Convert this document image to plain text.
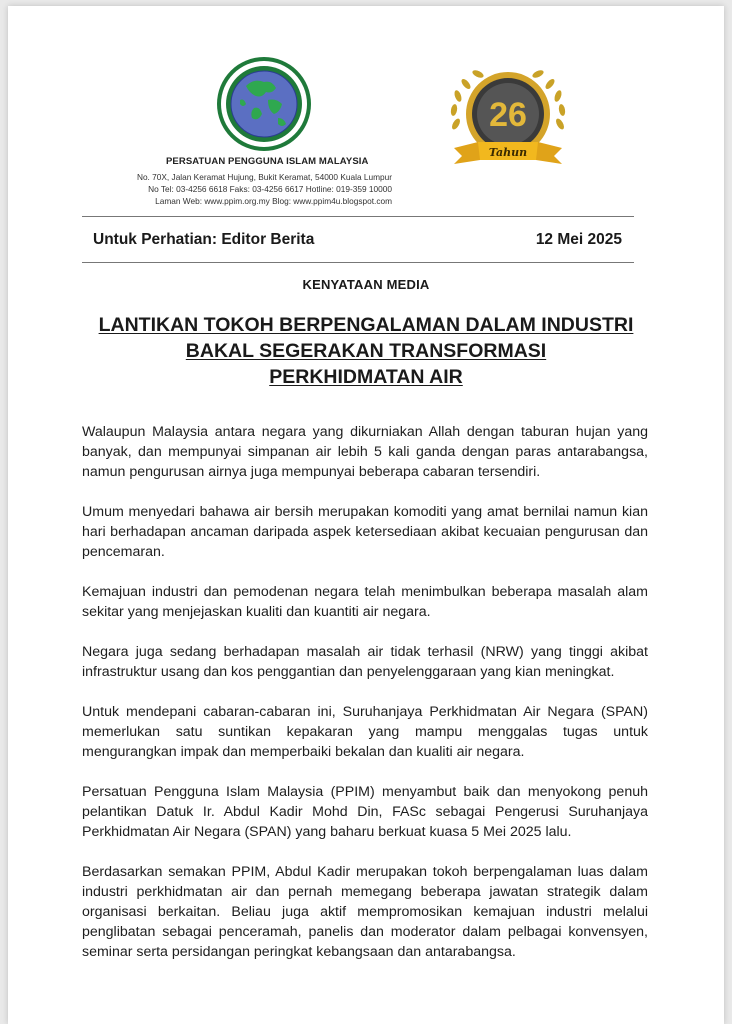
26
Tahun
PERSATUAN PENGGUNA ISLAM MALAYSIA
No. 70X, Jalan Keramat Hujung, Bukit Keramat, 54000 Kuala Lumpur
No Tel: 03-4256 6618 Faks: 03-4256 6617 Hotline: 019-359 10000
Laman Web: www.ppim.org.my Blog: www.ppim4u.blogspot.com
Untuk Perhatian: Editor Berita	12 Mei 2025
KENYATAAN MEDIA
LANTIKAN TOKOH BERPENGALAMAN DALAM INDUSTRI
BAKAL SEGERAKAN TRANSFORMASI
PERKHIDMATAN AIR

Walaupun Malaysia antara negara yang dikurniakan Allah dengan taburan hujan yang banyak, dan mempunyai simpanan air lebih 5 kali ganda dengan paras antarabangsa, namun pengurusan airnya juga mempunyai beberapa cabaran tersendiri.

Umum menyedari bahawa air bersih merupakan komoditi yang amat bernilai namun kian hari berhadapan ancaman daripada aspek ketersediaan akibat kecuaian pengurusan dan pencemaran.

Kemajuan industri dan pemodenan negara telah menimbulkan beberapa masalah alam sekitar yang menjejaskan kualiti dan kuantiti air negara.

Negara juga sedang berhadapan masalah air tidak terhasil (NRW) yang tinggi akibat infrastruktur usang dan kos penggantian dan penyelenggaraan yang kian meningkat.

Untuk mendepani cabaran-cabaran ini, Suruhanjaya Perkhidmatan Air Negara (SPAN) memerlukan satu suntikan kepakaran yang mampu menggalas tugas untuk mengurangkan impak dan memperbaiki bekalan dan kualiti air negara.

Persatuan Pengguna Islam Malaysia (PPIM) menyambut baik dan menyokong penuh pelantikan Datuk Ir. Abdul Kadir Mohd Din, FASc sebagai Pengerusi Suruhanjaya Perkhidmatan Air Negara (SPAN) yang baharu berkuat kuasa 5 Mei 2025 lalu.

Berdasarkan semakan PPIM, Abdul Kadir merupakan tokoh berpengalaman luas dalam industri perkhidmatan air dan pernah memegang beberapa jawatan strategik dalam organisasi berkaitan. Beliau juga aktif mempromosikan kemajuan industri melalui penglibatan sebagai penceramah, panelis dan moderator dalam pelbagai konvensyen, seminar serta persidangan peringkat kebangsaan dan antarabangsa.
